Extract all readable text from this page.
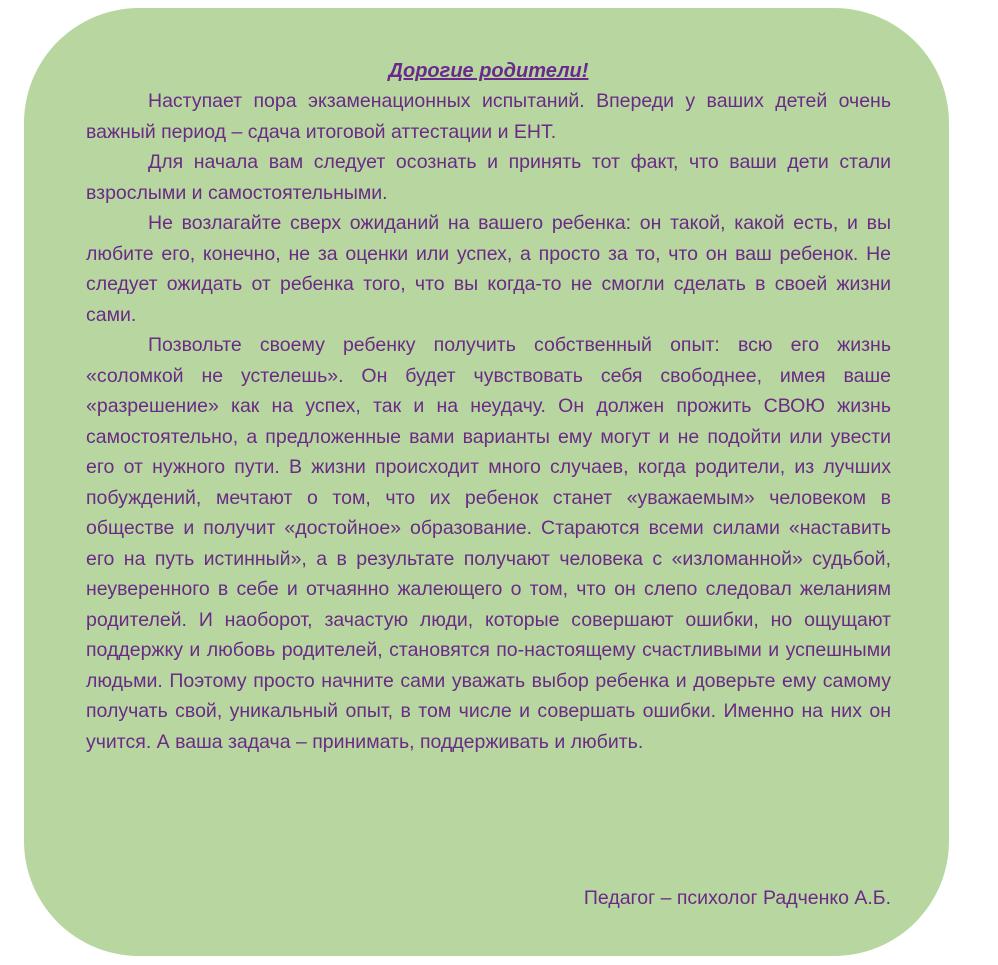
Дорогие родители!

Наступает пора экзаменационных испытаний. Впереди у ваших детей очень важный период – сдача итоговой аттестации и ЕНТ.

Для начала вам следует осознать и принять тот факт, что ваши дети стали взрослыми и самостоятельными.

Не возлагайте сверх ожиданий на вашего ребенка: он такой, какой есть, и вы любите его, конечно, не за оценки или успех, а просто за то, что он ваш ребенок. Не следует ожидать от ребенка того, что вы когда-то не смогли сделать в своей жизни сами.

Позвольте своему ребенку получить собственный опыт: всю его жизнь «соломкой не устелешь». Он будет чувствовать себя свободнее, имея ваше «разрешение» как на успех, так и на неудачу. Он должен прожить СВОЮ жизнь самостоятельно, а предложенные вами варианты ему могут и не подойти или увести его от нужного пути. В жизни происходит много случаев, когда родители, из лучших побуждений, мечтают о том, что их ребенок станет «уважаемым» человеком в обществе и получит «достойное» образование. Стараются всеми силами «наставить его на путь истинный», а в результате получают человека с «изломанной» судьбой, неуверенного в себе и отчаянно жалеющего о том, что он слепо следовал желаниям родителей. И наоборот, зачастую люди, которые совершают ошибки, но ощущают поддержку и любовь родителей, становятся по-настоящему счастливыми и успешными людьми. Поэтому просто начните сами уважать выбор ребенка и доверьте ему самому получать свой, уникальный опыт, в том числе и совершать ошибки. Именно на них он учится. А ваша задача – принимать, поддерживать и любить.

Педагог – психолог Радченко А.Б.
